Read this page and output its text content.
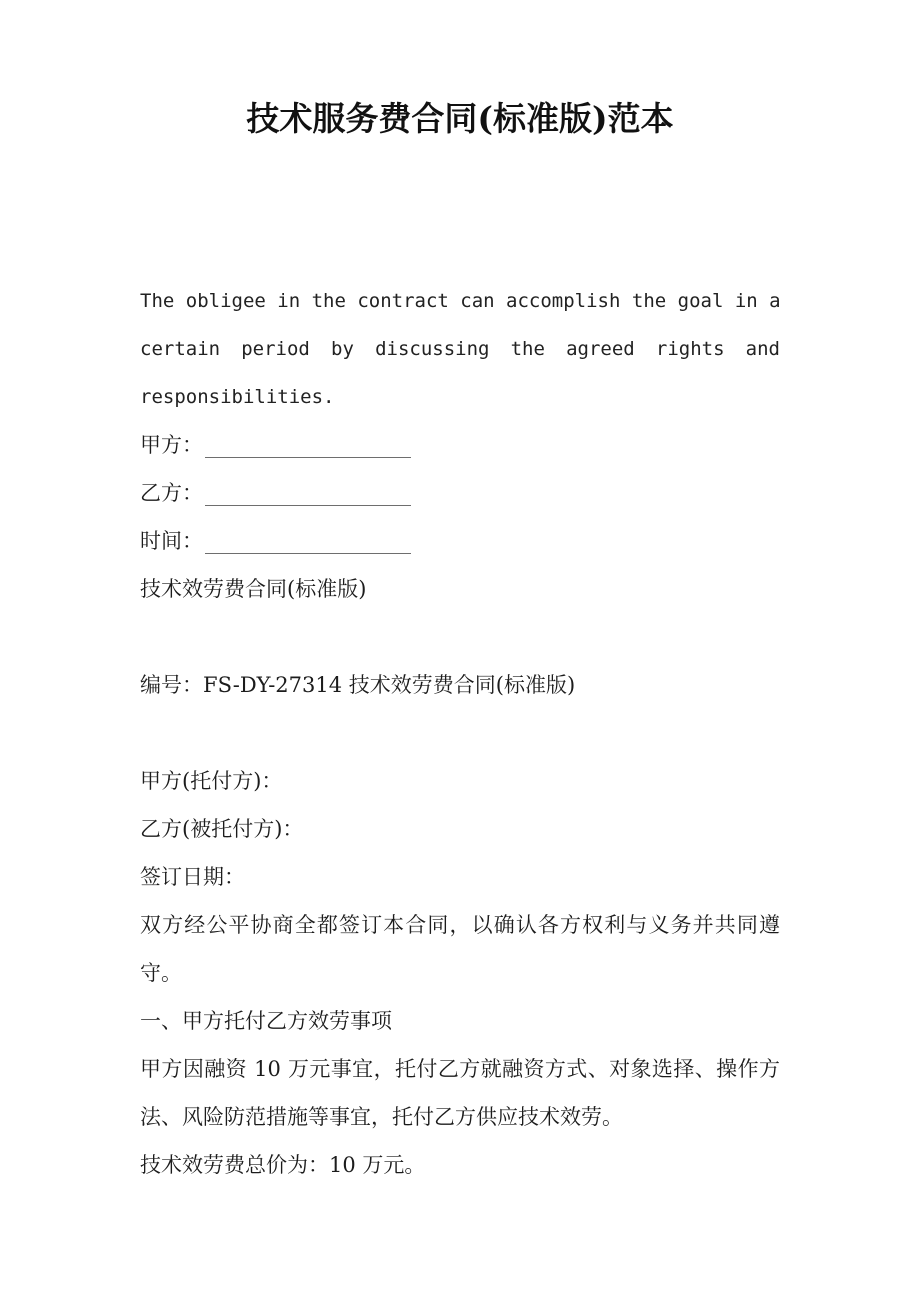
技术服务费合同(标准版)范本

The obligee in the contract can accomplish the goal in a

certain period by discussing the agreed rights and

responsibilities.

甲方：

乙方：

时间：

技术效劳费合同(标准版)

编号：FS-DY-27314 技术效劳费合同(标准版)

甲方(托付方)：

乙方(被托付方)：

签订日期：

双方经公平协商全都签订本合同，以确认各方权利与义务并共同遵

守。

一、甲方托付乙方效劳事项

甲方因融资 10 万元事宜，托付乙方就融资方式、对象选择、操作方

法、风险防范措施等事宜，托付乙方供应技术效劳。

技术效劳费总价为：10 万元。
